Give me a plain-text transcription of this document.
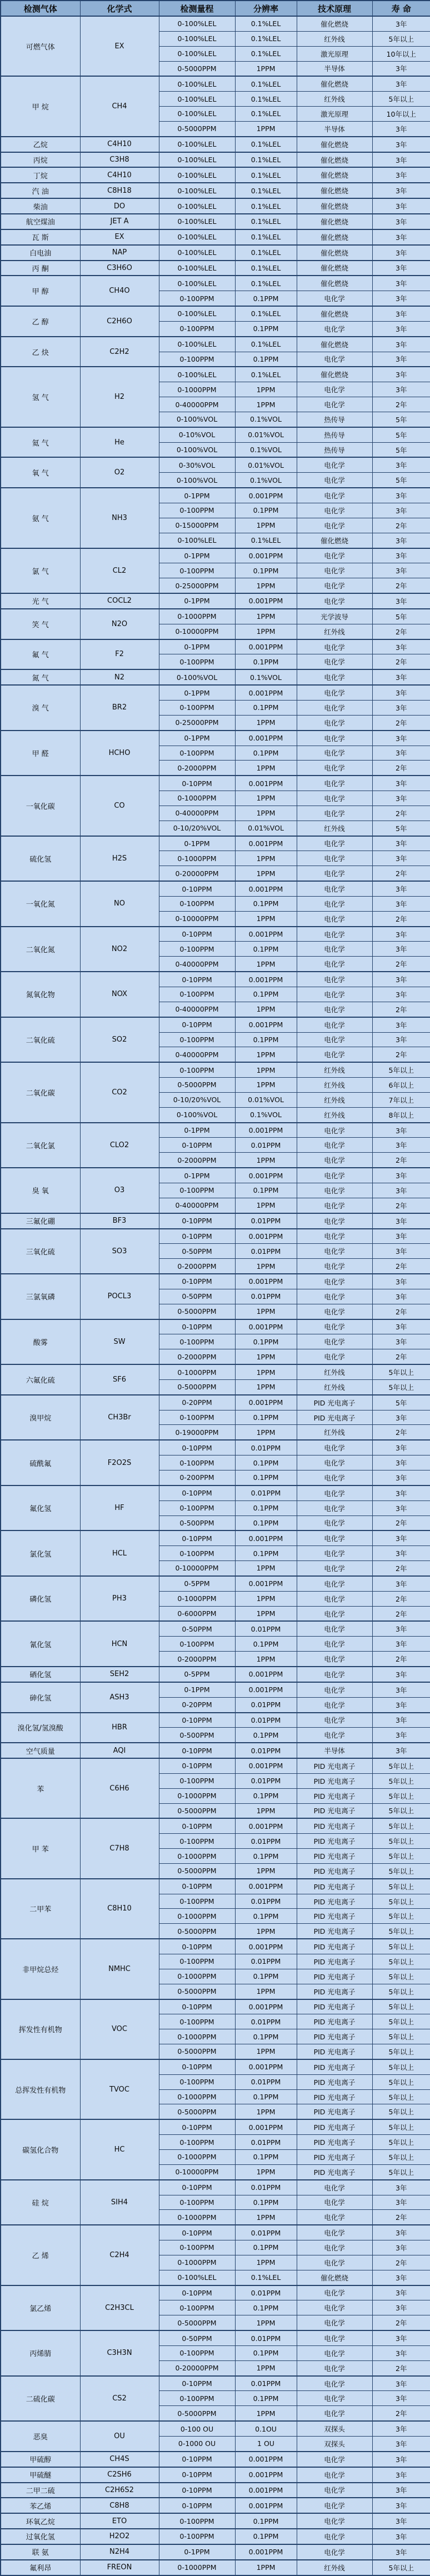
检测气体	化学式	检测量程	分辨率	技术原理	寿 命
可燃气体	EX	0-100%LEL	0.1%LEL	催化燃烧	3年
		0-100%LEL	0.1%LEL	红外线	5年以上
		0-100%LEL	0.1%LEL	激光原理	10年以上
		0-5000PPM	1PPM	半导体	3年
甲 烷	CH4	0-100%LEL	0.1%LEL	催化燃烧	3年
		0-100%LEL	0.1%LEL	红外线	5年以上
		0-100%LEL	0.1%LEL	激光原理	10年以上
		0-5000PPM	1PPM	半导体	3年
乙烷	C4H10	0-100%LEL	0.1%LEL	催化燃烧	3年
丙烷	C3H8	0-100%LEL	0.1%LEL	催化燃烧	3年
丁烷	C4H10	0-100%LEL	0.1%LEL	催化燃烧	3年
汽 油	C8H18	0-100%LEL	0.1%LEL	催化燃烧	3年
柴油	DO	0-100%LEL	0.1%LEL	催化燃烧	3年
航空煤油	JET A	0-100%LEL	0.1%LEL	催化燃烧	3年
瓦 斯	EX	0-100%LEL	0.1%LEL	催化燃烧	3年
白电油	NAP	0-100%LEL	0.1%LEL	催化燃烧	3年
丙 酮	C3H6O	0-100%LEL	0.1%LEL	催化燃烧	3年
甲 醇	CH4O	0-100%LEL	0.1%LEL	催化燃烧	3年
		0-100PPM	0.1PPM	电化学	3年
乙 醇	C2H6O	0-100%LEL	0.1%LEL	催化燃烧	3年
		0-100PPM	0.1PPM	电化学	3年
乙 炔	C2H2	0-100%LEL	0.1%LEL	催化燃烧	3年
		0-100PPM	0.1PPM	电化学	3年
氢 气	H2	0-100%LEL	0.1%LEL	催化燃烧	3年
		0-1000PPM	1PPM	电化学	3年
		0-40000PPM	1PPM	电化学	2年
		0-100%VOL	0.1%VOL	热传导	5年
氦 气	He	0-10%VOL	0.01%VOL	热传导	5年
		0-100%VOL	0.1%VOL	热传导	5年
氧 气	O2	0-30%VOL	0.01%VOL	电化学	3年
		0-100%VOL	0.1%VOL	电化学	5年
氨 气	NH3	0-1PPM	0.001PPM	电化学	3年
		0-100PPM	0.1PPM	电化学	3年
		0-15000PPM	1PPM	电化学	2年
		0-100%LEL	0.1%LEL	催化燃烧	3年
氯 气	CL2	0-1PPM	0.001PPM	电化学	3年
		0-100PPM	0.1PPM	电化学	3年
		0-25000PPM	1PPM	电化学	2年
光 气	COCL2	0-1PPM	0.001PPM	电化学	3年
笑 气	N2O	0-1000PPM	1PPM	光学波导	5年
		0-10000PPM	1PPM	红外线	2年
氟 气	F2	0-1PPM	0.001PPM	电化学	3年
		0-100PPM	0.1PPM	电化学	2年
氮 气	N2	0-100%VOL	0.1%VOL	电化学	3年
溴 气	BR2	0-1PPM	0.001PPM	电化学	3年
		0-100PPM	0.1PPM	电化学	3年
		0-25000PPM	1PPM	电化学	2年
甲 醛	HCHO	0-1PPM	0.001PPM	电化学	3年
		0-100PPM	0.1PPM	电化学	3年
		0-2000PPM	1PPM	电化学	2年
一氧化碳	CO	0-10PPM	0.001PPM	电化学	3年
		0-1000PPM	1PPM	电化学	3年
		0-40000PPM	1PPM	电化学	2年
		0-10/20%VOL	0.01%VOL	红外线	5年
硫化氢	H2S	0-1PPM	0.001PPM	电化学	3年
		0-1000PPM	1PPM	电化学	3年
		0-20000PPM	1PPM	电化学	2年
一氧化氮	NO	0-10PPM	0.001PPM	电化学	3年
		0-100PPM	0.1PPM	电化学	3年
		0-10000PPM	1PPM	电化学	2年
二氧化氮	NO2	0-10PPM	0.001PPM	电化学	3年
		0-100PPM	0.1PPM	电化学	3年
		0-40000PPM	1PPM	电化学	2年
氮氧化物	NOX	0-10PPM	0.001PPM	电化学	3年
		0-100PPM	0.1PPM	电化学	3年
		0-40000PPM	1PPM	电化学	2年
二氧化硫	SO2	0-10PPM	0.001PPM	电化学	3年
		0-100PPM	0.1PPM	电化学	3年
		0-40000PPM	1PPM	电化学	2年
二氧化碳	CO2	0-100PPM	1PPM	红外线	5年以上
		0-5000PPM	1PPM	红外线	6年以上
		0-10/20%VOL	0.01%VOL	红外线	7年以上
		0-100%VOL	0.1%VOL	红外线	8年以上
二氧化氯	CLO2	0-1PPM	0.001PPM	电化学	3年
		0-10PPM	0.01PPM	电化学	3年
		0-2000PPM	1PPM	电化学	2年
臭 氧	O3	0-1PPM	0.001PPM	电化学	3年
		0-100PPM	0.1PPM	电化学	3年
		0-40000PPM	1PPM	电化学	2年
三氟化硼	BF3	0-10PPM	0.01PPM	电化学	3年
三氧化硫	SO3	0-10PPM	0.001PPM	电化学	3年
		0-50PPM	0.01PPM	电化学	3年
		0-2000PPM	1PPM	电化学	2年
三氯氧磷	POCL3	0-10PPM	0.001PPM	电化学	3年
		0-50PPM	0.01PPM	电化学	3年
		0-5000PPM	1PPM	电化学	2年
酸雾	SW	0-10PPM	0.001PPM	电化学	3年
		0-100PPM	0.1PPM	电化学	3年
		0-2000PPM	1PPM	电化学	2年
六氟化硫	SF6	0-1000PPM	1PPM	红外线	5年以上
		0-5000PPM	1PPM	红外线	5年以上
溴甲烷	CH3Br	0-20PPM	0.001PPM	PID 光电离子	5年
		0-100PPM	0.1PPM	PID 光电离子	3年
		0-19000PPM	1PPM	红外线	2年
硫酰氟	F2O2S	0-10PPM	0.01PPM	电化学	3年
		0-100PPM	0.1PPM	电化学	3年
		0-200PPM	0.1PPM	电化学	3年
氟化氢	HF	0-10PPM	0.01PPM	电化学	3年
		0-100PPM	0.1PPM	电化学	3年
		0-500PPM	0.1PPM	电化学	2年
氯化氢	HCL	0-10PPM	0.001PPM	电化学	3年
		0-100PPM	0.1PPM	电化学	3年
		0-10000PPM	1PPM	电化学	2年
磷化氢	PH3	0-5PPM	0.001PPM	电化学	3年
		0-1000PPM	1PPM	电化学	2年
		0-6000PPM	1PPM	电化学	2年
氰化氢	HCN	0-50PPM	0.01PPM	电化学	3年
		0-100PPM	0.1PPM	电化学	3年
		0-2000PPM	1PPM	电化学	2年
硒化氢	SEH2	0-5PPM	0.001PPM	电化学	3年
砷化氢	ASH3	0-1PPM	0.001PPM	电化学	3年
		0-20PPM	0.01PPM	电化学	3年
溴化氢/氢溴酸	HBR	0-10PPM	0.01PPM	电化学	3年
		0-500PPM	0.1PPM	电化学	3年
空气质量	AQI	0-10PPM	0.01PPM	半导体	3年
苯	C6H6	0-10PPM	0.001PPM	PID 光电离子	5年以上
		0-100PPM	0.01PPM	PID 光电离子	5年以上
		0-1000PPM	0.1PPM	PID 光电离子	5年以上
		0-5000PPM	1PPM	PID 光电离子	5年以上
甲 苯	C7H8	0-10PPM	0.001PPM	PID 光电离子	5年以上
		0-100PPM	0.01PPM	PID 光电离子	5年以上
		0-1000PPM	0.1PPM	PID 光电离子	5年以上
		0-5000PPM	1PPM	PID 光电离子	5年以上
二甲苯	C8H10	0-10PPM	0.001PPM	PID 光电离子	5年以上
		0-100PPM	0.01PPM	PID 光电离子	5年以上
		0-1000PPM	0.1PPM	PID 光电离子	5年以上
		0-5000PPM	1PPM	PID 光电离子	5年以上
非甲烷总烃	NMHC	0-10PPM	0.001PPM	PID 光电离子	5年以上
		0-100PPM	0.01PPM	PID 光电离子	5年以上
		0-1000PPM	0.1PPM	PID 光电离子	5年以上
		0-5000PPM	1PPM	PID 光电离子	5年以上
挥发性有机物	VOC	0-10PPM	0.001PPM	PID 光电离子	5年以上
		0-100PPM	0.01PPM	PID 光电离子	5年以上
		0-1000PPM	0.1PPM	PID 光电离子	5年以上
		0-5000PPM	1PPM	PID 光电离子	5年以上
总挥发性有机物	TVOC	0-10PPM	0.001PPM	PID 光电离子	5年以上
		0-100PPM	0.01PPM	PID 光电离子	5年以上
		0-1000PPM	0.1PPM	PID 光电离子	5年以上
		0-5000PPM	1PPM	PID 光电离子	5年以上
碳氢化合物	HC	0-10PPM	0.001PPM	PID 光电离子	5年以上
		0-100PPM	0.01PPM	PID 光电离子	5年以上
		0-1000PPM	0.1PPM	PID 光电离子	5年以上
		0-10000PPM	1PPM	PID 光电离子	5年以上
硅 烷	SIH4	0-10PPM	0.01PPM	电化学	3年
		0-100PPM	0.1PPM	电化学	3年
		0-1000PPM	1PPM	电化学	2年
乙 烯	C2H4	0-10PPM	0.01PPM	电化学	3年
		0-100PPM	0.1PPM	电化学	3年
		0-1000PPM	1PPM	电化学	2年
		0-100%LEL	0.1%LEL	催化燃烧	3年
氯乙烯	C2H3CL	0-10PPM	0.01PPM	电化学	3年
		0-100PPM	0.1PPM	电化学	3年
		0-5000PPM	1PPM	电化学	2年
丙烯腈	C3H3N	0-50PPM	0.01PPM	电化学	3年
		0-100PPM	0.1PPM	电化学	3年
		0-20000PPM	1PPM	电化学	2年
二硫化碳	CS2	0-10PPM	0.01PPM	电化学	3年
		0-100PPM	0.1PPM	电化学	3年
		0-5000PPM	1PPM	电化学	2年
恶臭	OU	0-100 OU	0.1OU	双探头	3年
		0-1000 OU	1 OU	双探头	3年
甲硫醇	CH4S	0-10PPM	0.001PPM	电化学	3年
甲硫醚	C2SH6	0-10PPM	0.001PPM	电化学	3年
二甲二硫	C2H6S2	0-10PPM	0.001PPM	电化学	3年
苯乙烯	C8H8	0-10PPM	0.001PPM	电化学	3年
环氧乙烷	ETO	0-100PPM	0.1PPM	电化学	3年
过氧化氢	H2O2	0-100PPM	0.1PPM	电化学	3年
联 氨	N2H4	0-1PPM	0.001PPM	电化学	3年
氟利昂	FREON	0-1000PPM	1PPM	红外线	5年以上
